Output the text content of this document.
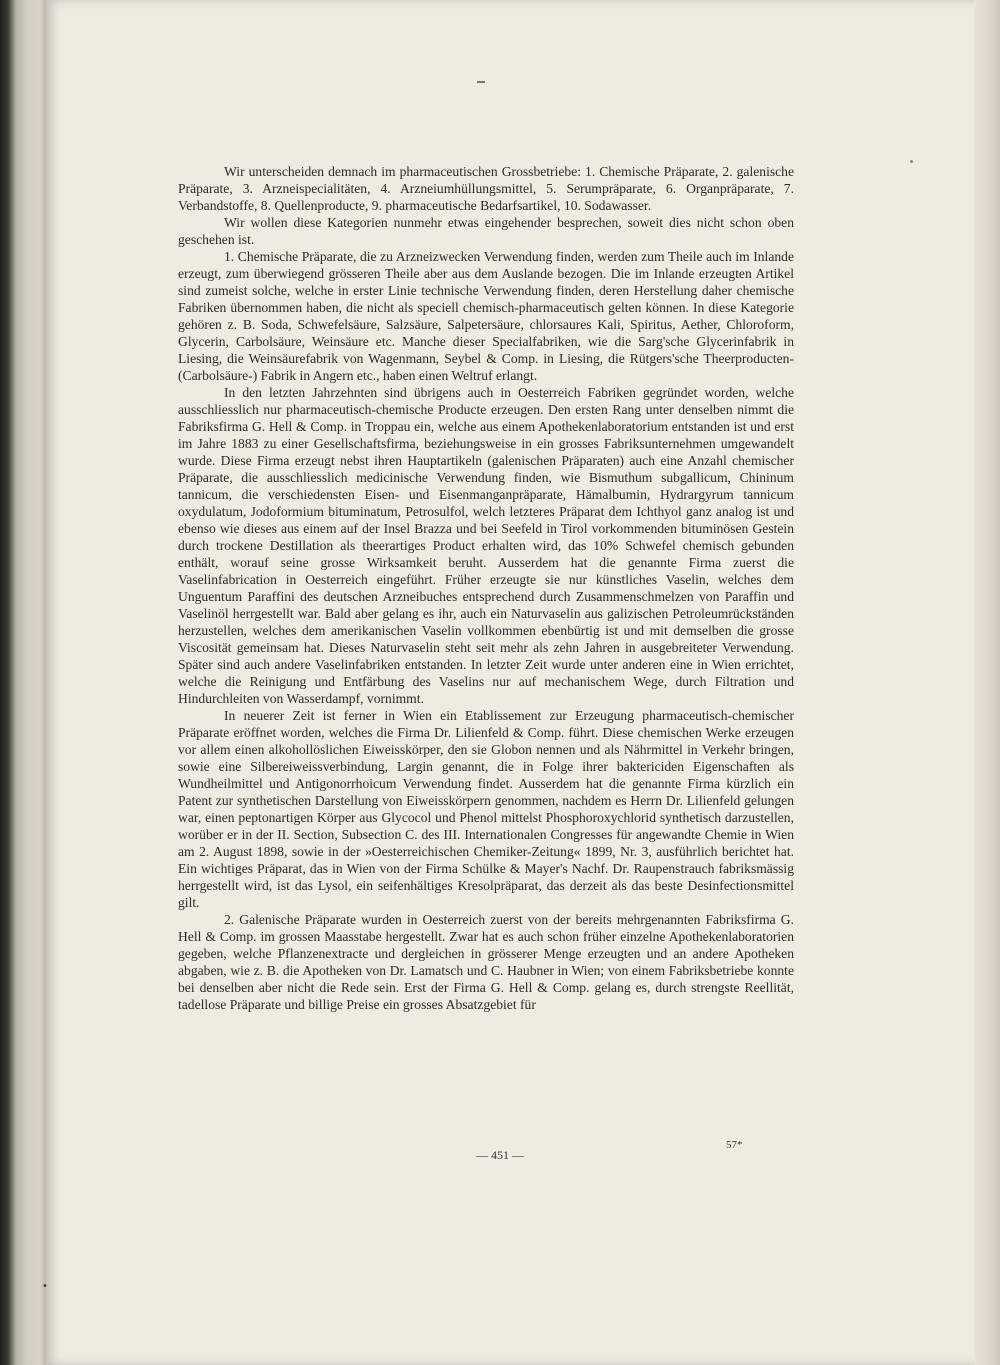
•

Wir unterscheiden demnach im pharmaceutischen Grossbetriebe: 1. Chemische Präparate, 2. galenische Präparate, 3. Arzneispecialitäten, 4. Arzneiumhüllungsmittel, 5. Serumpräparate, 6. Organpräparate, 7. Verbandstoffe, 8. Quellenproducte, 9. pharmaceutische Bedarfsartikel, 10. Sodawasser.

Wir wollen diese Kategorien nunmehr etwas eingehender besprechen, soweit dies nicht schon oben geschehen ist.

1. Chemische Präparate, die zu Arzneizwecken Verwendung finden, werden zum Theile auch im Inlande erzeugt, zum überwiegend grösseren Theile aber aus dem Auslande bezogen. Die im Inlande erzeugten Artikel sind zumeist solche, welche in erster Linie technische Verwendung finden, deren Herstellung daher chemische Fabriken übernommen haben, die nicht als speciell chemisch-pharmaceutisch gelten können. In diese Kategorie gehören z. B. Soda, Schwefelsäure, Salzsäure, Salpetersäure, chlorsaures Kali, Spiritus, Aether, Chloroform, Glycerin, Carbolsäure, Weinsäure etc. Manche dieser Specialfabriken, wie die Sarg'sche Glycerinfabrik in Liesing, die Weinsäurefabrik von Wagenmann, Seybel & Comp. in Liesing, die Rütgers'sche Theerproducten- (Carbolsäure-) Fabrik in Angern etc., haben einen Weltruf erlangt.

In den letzten Jahrzehnten sind übrigens auch in Oesterreich Fabriken gegründet worden, welche ausschliesslich nur pharmaceutisch-chemische Producte erzeugen. Den ersten Rang unter denselben nimmt die Fabriksfirma G. Hell & Comp. in Troppau ein, welche aus einem Apothekenlaboratorium entstanden ist und erst im Jahre 1883 zu einer Gesellschaftsfirma, beziehungsweise in ein grosses Fabriksunternehmen umgewandelt wurde. Diese Firma erzeugt nebst ihren Hauptartikeln (galenischen Präparaten) auch eine Anzahl chemischer Präparate, die ausschliesslich medicinische Verwendung finden, wie Bismuthum subgallicum, Chininum tannicum, die verschiedensten Eisen- und Eisenmanganpräparate, Hämalbumin, Hydrargyrum tannicum oxydulatum, Jodoformium bituminatum, Petrosulfol, welch letzteres Präparat dem Ichthyol ganz analog ist und ebenso wie dieses aus einem auf der Insel Brazza und bei Seefeld in Tirol vorkommenden bituminösen Gestein durch trockene Destillation als theerartiges Product erhalten wird, das 10% Schwefel chemisch gebunden enthält, worauf seine grosse Wirksamkeit beruht. Ausserdem hat die genannte Firma zuerst die Vaselinfabrication in Oesterreich eingeführt. Früher erzeugte sie nur künstliches Vaselin, welches dem Unguentum Paraffini des deutschen Arzneibuches entsprechend durch Zusammenschmelzen von Paraffin und Vaselinöl herrgestellt war. Bald aber gelang es ihr, auch ein Naturvaselin aus galizischen Petroleumrückständen herzustellen, welches dem amerikanischen Vaselin vollkommen ebenbürtig ist und mit demselben die grosse Viscosität gemeinsam hat. Dieses Naturvaselin steht seit mehr als zehn Jahren in ausgebreiteter Verwendung. Später sind auch andere Vaselinfabriken entstanden. In letzter Zeit wurde unter anderen eine in Wien errichtet, welche die Reinigung und Entfärbung des Vaselins nur auf mechanischem Wege, durch Filtration und Hindurchleiten von Wasserdampf, vornimmt.

In neuerer Zeit ist ferner in Wien ein Etablissement zur Erzeugung pharmaceutisch-chemischer Präparate eröffnet worden, welches die Firma Dr. Lilienfeld & Comp. führt. Diese chemischen Werke erzeugen vor allem einen alkohollöslichen Eiweisskörper, den sie Globon nennen und als Nährmittel in Verkehr bringen, sowie eine Silbereiweissverbindung, Largin genannt, die in Folge ihrer baktericiden Eigenschaften als Wundheilmittel und Antigonorrhoicum Verwendung findet. Ausserdem hat die genannte Firma kürzlich ein Patent zur synthetischen Darstellung von Eiweisskörpern genommen, nachdem es Herrn Dr. Lilienfeld gelungen war, einen peptonartigen Körper aus Glycocol und Phenol mittelst Phosphoroxychlorid synthetisch darzustellen, worüber er in der II. Section, Subsection C. des III. Internationalen Congresses für angewandte Chemie in Wien am 2. August 1898, sowie in der »Oesterreichischen Chemiker-Zeitung« 1899, Nr. 3, ausführlich berichtet hat. Ein wichtiges Präparat, das in Wien von der Firma Schülke & Mayer's Nachf. Dr. Raupenstrauch fabriksmässig herrgestellt wird, ist das Lysol, ein seifenhältiges Kresolpräparat, das derzeit als das beste Desinfectionsmittel gilt.

2. Galenische Präparate wurden in Oesterreich zuerst von der bereits mehrgenannten Fabriksfirma G. Hell & Comp. im grossen Maasstabe hergestellt. Zwar hat es auch schon früher einzelne Apothekenlaboratorien gegeben, welche Pflanzenextracte und dergleichen in grösserer Menge erzeugten und an andere Apotheken abgaben, wie z. B. die Apotheken von Dr. Lamatsch und C. Haubner in Wien; von einem Fabriksbetriebe konnte bei denselben aber nicht die Rede sein. Erst der Firma G. Hell & Comp. gelang es, durch strengste Reellität, tadellose Präparate und billige Preise ein grosses Absatzgebiet für

— 451 —
57*
